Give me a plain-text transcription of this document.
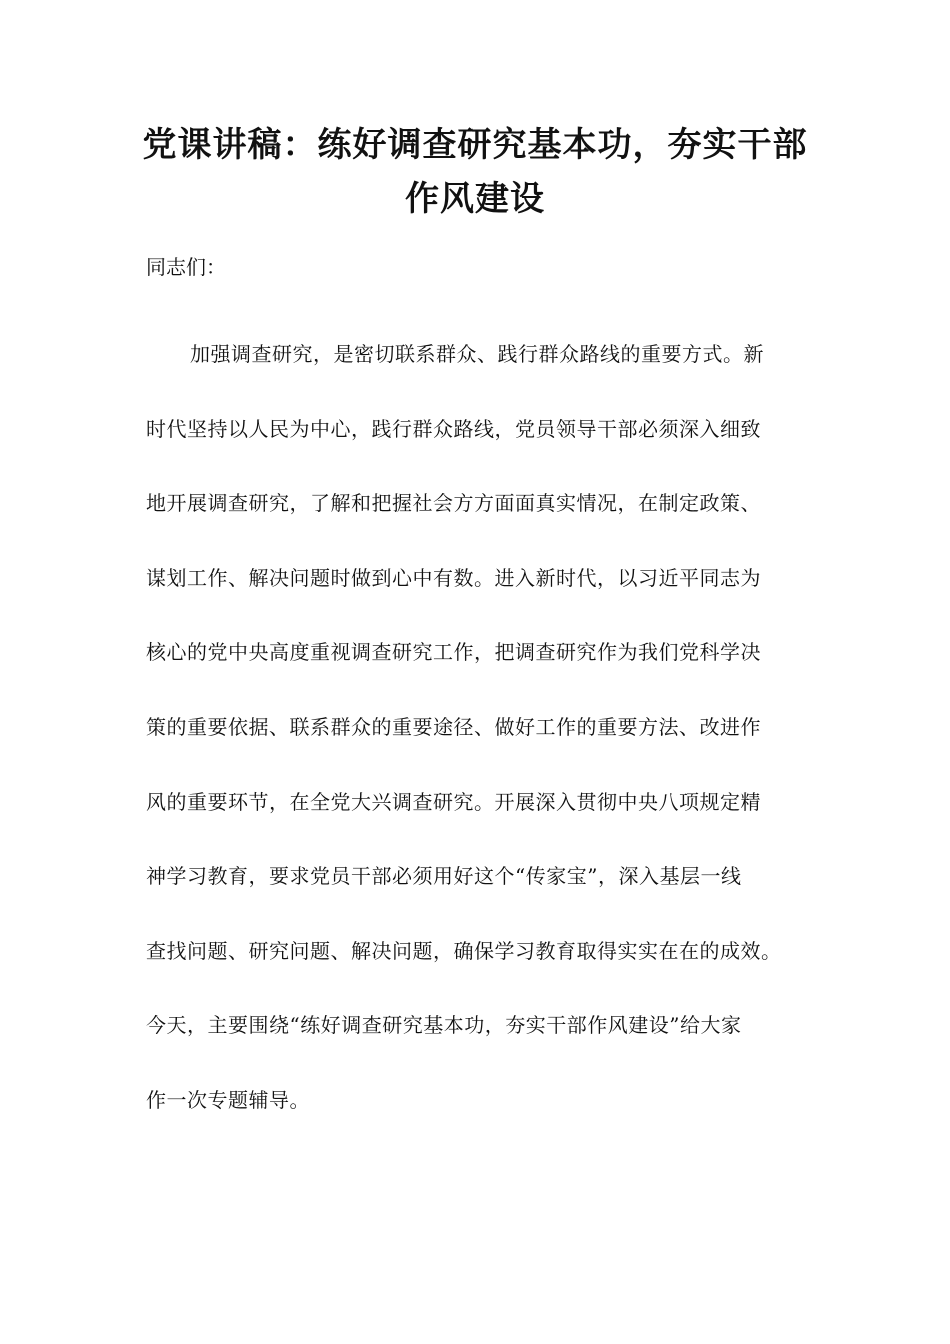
党课讲稿：练好调查研究基本功，夯实干部
作风建设

同志们：

加强调查研究，是密切联系群众、践行群众路线的重要方式。新
时代坚持以人民为中心，践行群众路线，党员领导干部必须深入细致
地开展调查研究，了解和把握社会方方面面真实情况，在制定政策、
谋划工作、解决问题时做到心中有数。进入新时代，以习近平同志为
核心的党中央高度重视调查研究工作，把调查研究作为我们党科学决
策的重要依据、联系群众的重要途径、做好工作的重要方法、改进作
风的重要环节，在全党大兴调查研究。开展深入贯彻中央八项规定精
神学习教育，要求党员干部必须用好这个“传家宝”，深入基层一线
查找问题、研究问题、解决问题，确保学习教育取得实实在在的成效。
今天，主要围绕“练好调查研究基本功，夯实干部作风建设”给大家
作一次专题辅导。
